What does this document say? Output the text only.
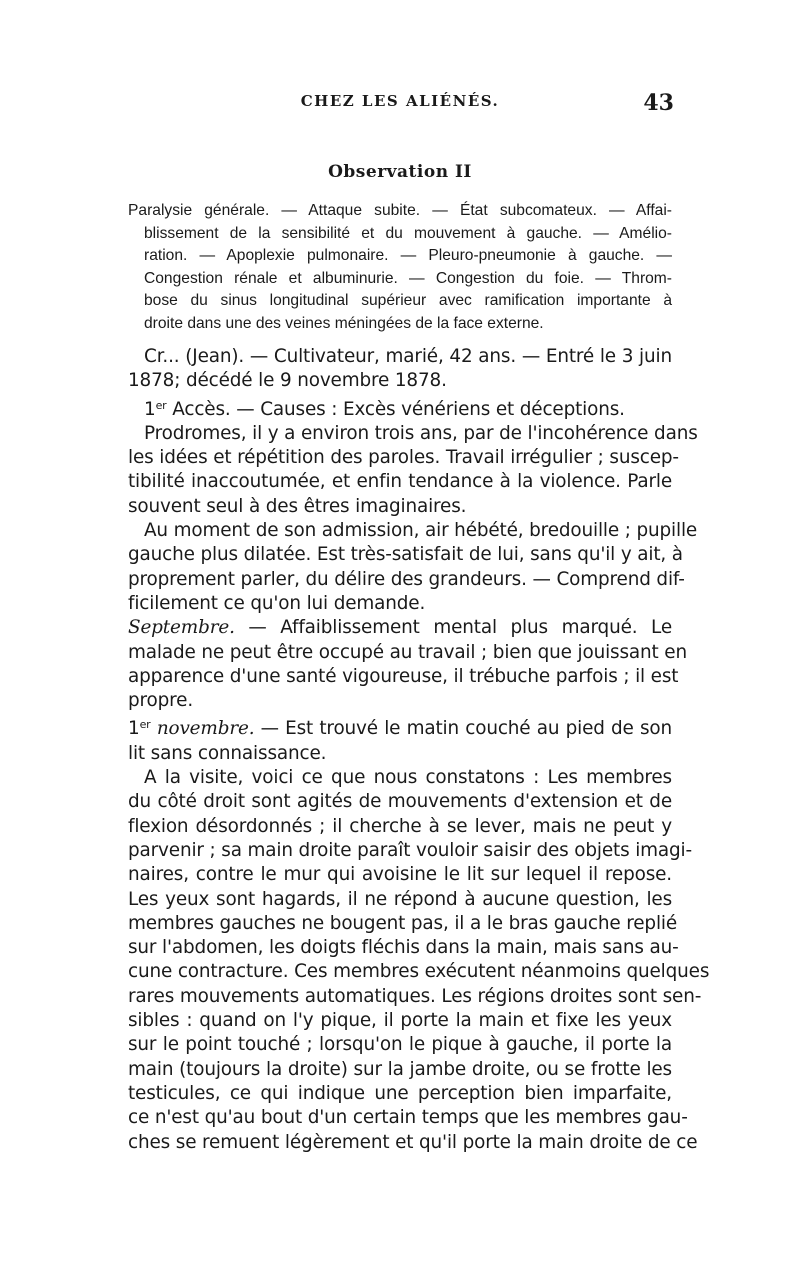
CHEZ LES ALIÉNÉS.	43
Observation II
Paralysie générale. — Attaque subite. — État subcomateux. — Affai-
blissement de la sensibilité et du mouvement à gauche. — Amélio-
ration. — Apoplexie pulmonaire. — Pleuro-pneumonie à gauche. —
Congestion rénale et albuminurie. — Congestion du foie. — Throm-
bose du sinus longitudinal supérieur avec ramification importante à
droite dans une des veines méningées de la face externe.
Cr... (Jean). — Cultivateur, marié, 42 ans. — Entré le 3 juin
1878; décédé le 9 novembre 1878.
1er Accès. — Causes : Excès vénériens et déceptions.
Prodromes, il y a environ trois ans, par de l'incohérence dans
les idées et répétition des paroles. Travail irrégulier ; suscep-
tibilité inaccoutumée, et enfin tendance à la violence. Parle
souvent seul à des êtres imaginaires.
Au moment de son admission, air hébété, bredouille ; pupille
gauche plus dilatée. Est très-satisfait de lui, sans qu'il y ait, à
proprement parler, du délire des grandeurs. — Comprend dif-
ficilement ce qu'on lui demande.
Septembre. — Affaiblissement mental plus marqué. Le
malade ne peut être occupé au travail ; bien que jouissant en
apparence d'une santé vigoureuse, il trébuche parfois ; il est
propre.
1er novembre. — Est trouvé le matin couché au pied de son
lit sans connaissance.
A la visite, voici ce que nous constatons : Les membres
du côté droit sont agités de mouvements d'extension et de
flexion désordonnés ; il cherche à se lever, mais ne peut y
parvenir ; sa main droite paraît vouloir saisir des objets imagi-
naires, contre le mur qui avoisine le lit sur lequel il repose.
Les yeux sont hagards, il ne répond à aucune question, les
membres gauches ne bougent pas, il a le bras gauche replié
sur l'abdomen, les doigts fléchis dans la main, mais sans au-
cune contracture. Ces membres exécutent néanmoins quelques
rares mouvements automatiques. Les régions droites sont sen-
sibles : quand on l'y pique, il porte la main et fixe les yeux
sur le point touché ; lorsqu'on le pique à gauche, il porte la
main (toujours la droite) sur la jambe droite, ou se frotte les
testicules, ce qui indique une perception bien imparfaite,
ce n'est qu'au bout d'un certain temps que les membres gau-
ches se remuent légèrement et qu'il porte la main droite de ce
